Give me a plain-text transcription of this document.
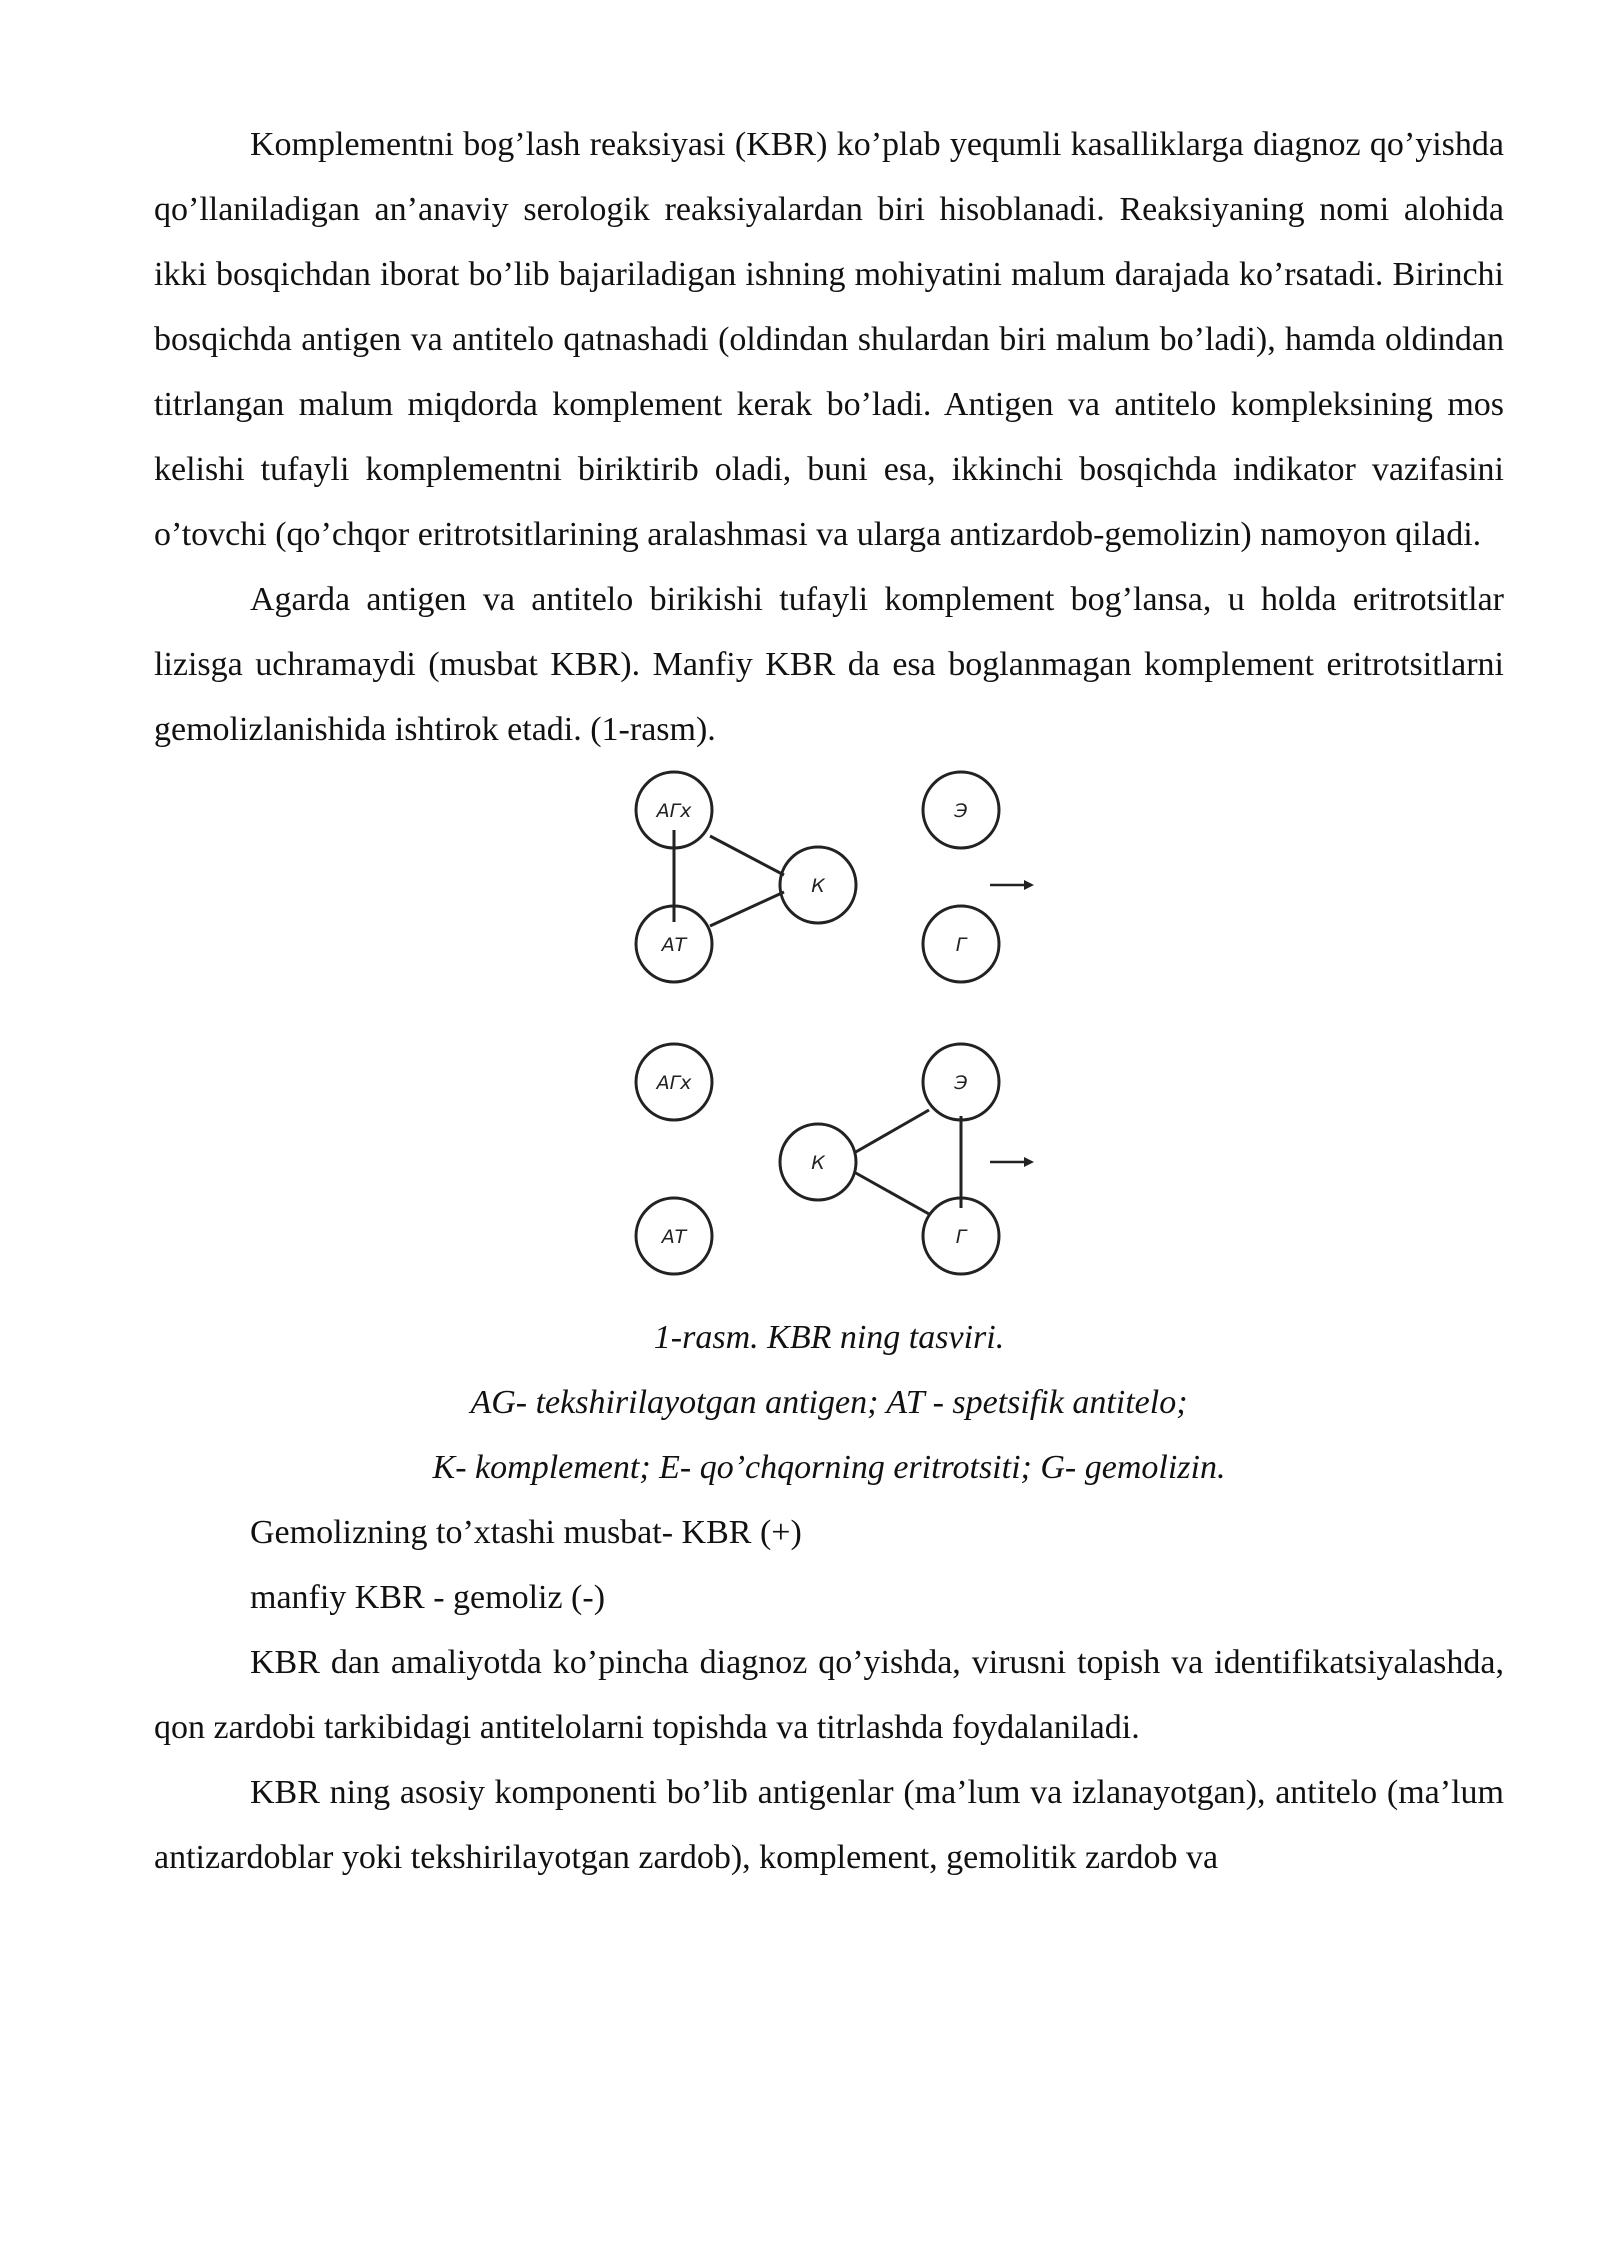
Komplementni bog’lash reaksiyasi (KBR) ko’plab yequmli kasalliklarga diagnoz qo’yishda qo’llaniladigan an’anaviy serologik reaksiyalardan biri hisoblanadi. Reaksiyaning nomi alohida ikki bosqichdan iborat bo’lib bajariladigan ishning mohiyatini malum darajada ko’rsatadi. Birinchi bosqichda antigen va antitelo qatnashadi (oldindan shulardan biri malum bo’ladi), hamda oldindan titrlangan malum miqdorda komplement kerak bo’ladi. Antigen va antitelo kompleksining mos kelishi tufayli komplementni biriktirib oladi, buni esa, ikkinchi bosqichda indikator vazifasini o’tovchi (qo’chqor eritrotsitlarining aralashmasi va ularga antizardob-gemolizin) namoyon qiladi.

Agarda antigen va antitelo birikishi tufayli komplement bog’lansa, u holda eritrotsitlar lizisga uchramaydi (musbat KBR). Manfiy KBR da esa boglanmagan komplement eritrotsitlarni gemolizlanishida ishtirok etadi. (1-rasm).

АГх
К
АТ
Э
Г
АГх
АТ
К
Э
Г

1-rasm. KBR ning tasviri.

AG- tekshirilayotgan antigen; AT - spetsifik antitelo;

K- komplement; E- qo’chqorning eritrotsiti; G- gemolizin.

Gemolizning to’xtashi musbat- KBR (+)

manfiy KBR - gemoliz (-)

KBR dan amaliyotda ko’pincha diagnoz qo’yishda, virusni topish va identifikatsiyalashda, qon zardobi tarkibidagi antitelolarni topishda va titrlashda foydalaniladi.

KBR ning asosiy komponenti bo’lib antigenlar (ma’lum va izlanayotgan), antitelo (ma’lum antizardoblar yoki tekshirilayotgan zardob), komplement, gemolitik zardob va
